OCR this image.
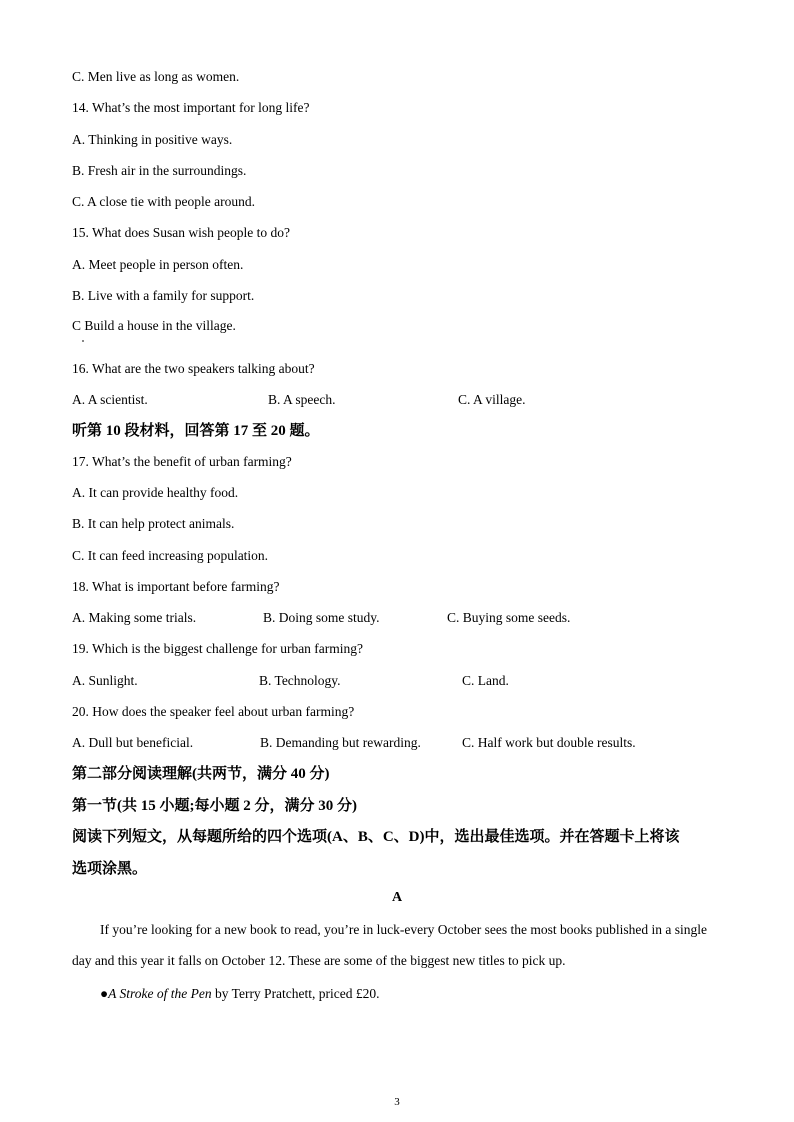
C. Men live as long as women.
14. What’s the most important for long life?
A. Thinking in positive ways.
B. Fresh air in the surroundings.
C. A close tie with people around.
15. What does Susan wish people to do?
A. Meet people in person often.
B. Live with a family for support.
C Build a house in the village.
16. What are the two speakers talking about?
A. A scientist.	B. A speech.	C. A village.
听第 10 段材料，回答第 17 至 20 题。
17. What’s the benefit of urban farming?
A. It can provide healthy food.
B. It can help protect animals.
C. It can feed increasing population.
18. What is important before farming?
A. Making some trials.	B. Doing some study.	C. Buying some seeds.
19. Which is the biggest challenge for urban farming?
A. Sunlight.	B. Technology.	C. Land.
20. How does the speaker feel about urban farming?
A. Dull but beneficial.	B. Demanding but rewarding.	C. Half work but double results.
第二部分阅读理解(共两节，满分 40 分)
第一节(共 15 小题;每小题 2 分，满分 30 分)
阅读下列短文，从每题所给的四个选项(A、B、C、D)中，选出最佳选项。并在答题卡上将该
选项涂黑。
A
If you’re looking for a new book to read, you’re in luck-every October sees the most books published in a single day and this year it falls on October 12. These are some of the biggest new titles to pick up.
●A Stroke of the Pen by Terry Pratchett, priced £20.
3
